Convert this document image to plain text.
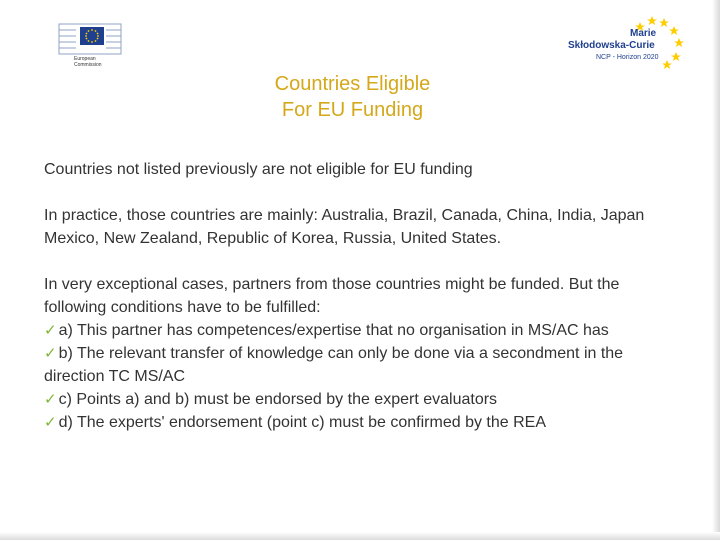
European
Commission
Marie
Skłodowska-Curie
NCP - Horizon 2020
Countries Eligible
For EU Funding

Countries not listed previously are not eligible for EU funding

In practice, those countries are mainly: Australia, Brazil, Canada, China, India, Japan

Mexico, New Zealand, Republic of Korea, Russia, United States.

In very exceptional cases, partners from those countries might be funded. But the

following conditions have to be fulfilled:

✓ a) This partner has competences/expertise that no organisation in MS/AC has

✓ b) The relevant transfer of knowledge can only be done via a secondment in the

direction TC MS/AC

✓ c) Points a) and b) must be endorsed by the expert evaluators

✓ d) The experts' endorsement (point c) must be confirmed by the REA
